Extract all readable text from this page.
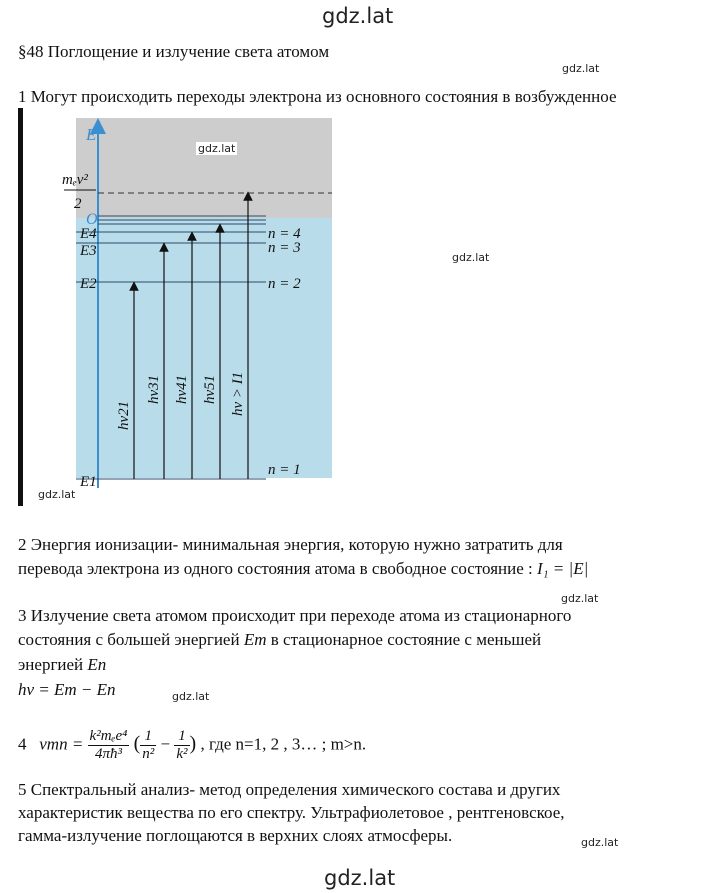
gdz.lat
gdz.lat
gdz.lat
gdz.lat
gdz.lat
gdz.lat
gdz.lat
§48 Поглощение и излучение света атомом
1 Могут происходить переходы электрона из основного состояния в возбужденное
E
mₑv²
2
O
E4	n = 4
E3	n = 3
E2	n = 2
E1
n = 1
hν21
hν31 hν41 hν51 hν > I1
gdz.lat
gdz.lat
2 Энергия ионизации- минимальная энергия, которую нужно затратить для
перевода электрона из одного состояния атома в свободное состояние : I₁ = |E|
3 Излучение света атомом происходит при переходе атома из стационарного
состояния с большей энергией Em в стационарное состояние с меньшей
энергией En
hν = Em − En
4 $\nu mn = \frac{\text{k²mₑe⁴}}{\text{4πħ³}}$ ( $\frac{1}{\text{n²}} - \frac{1}{\text{k²}}$ ) , где n=1, 2 , 3… ; m>n.
5 Спектральный анализ- метод определения химического состава и других
характеристик вещества по его спектру. Ультрафиолетовое , рентгеновское,
гамма-излучение поглощаются в верхних слоях атмосферы.
